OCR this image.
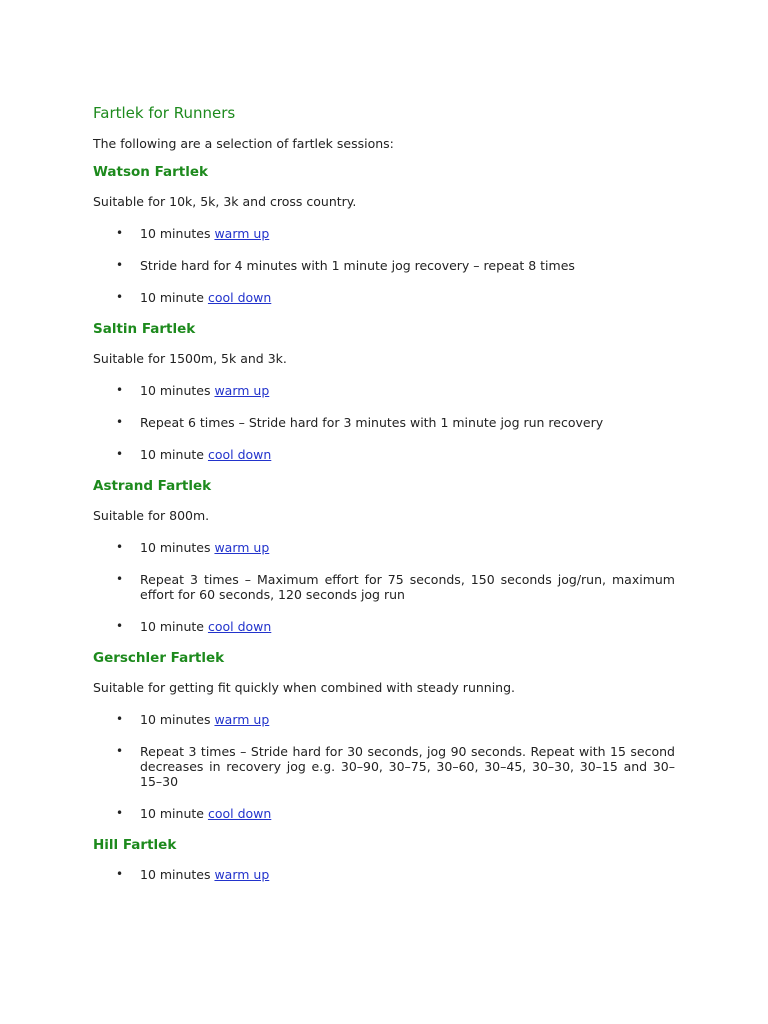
Fartlek for Runners

The following are a selection of fartlek sessions:

Watson Fartlek

Suitable for 10k, 5k, 3k and cross country.

• 10 minutes warm up
• Stride hard for 4 minutes with 1 minute jog recovery – repeat 8 times
• 10 minute cool down
Saltin Fartlek

Suitable for 1500m, 5k and 3k.

• 10 minutes warm up
• Repeat 6 times – Stride hard for 3 minutes with 1 minute jog run recovery
• 10 minute cool down
Astrand Fartlek

Suitable for 800m.

• 10 minutes warm up
• Repeat 3 times – Maximum effort for 75 seconds, 150 seconds jog/run, maximum effort for 60 seconds, 120 seconds jog run
• 10 minute cool down
Gerschler Fartlek

Suitable for getting fit quickly when combined with steady running.

• 10 minutes warm up
• Repeat 3 times – Stride hard for 30 seconds, jog 90 seconds. Repeat with 15 second decreases in recovery jog e.g. 30–90, 30–75, 30–60, 30–45, 30–30, 30–15 and 30–15–30
• 10 minute cool down
Hill Fartlek
• 10 minutes warm up
